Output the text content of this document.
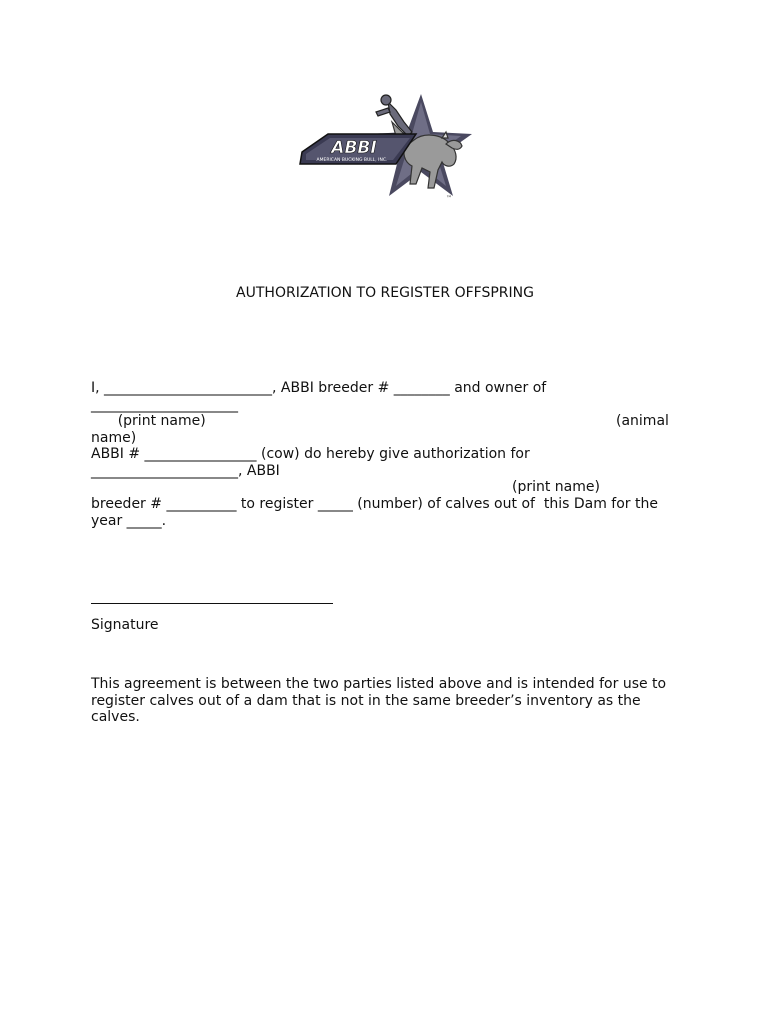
ABBI
AMERICAN BUCKING BULL, INC.
™
AUTHORIZATION TO REGISTER OFFSPRING
I, ________________________, ABBI breeder # ________ and owner of
_____________________
(print name)	(animal
name)
ABBI # ________________ (cow) do hereby give authorization for
_____________________, ABBI
(print name)
breeder # __________ to register _____ (number) of calves out of  this Dam for the
year _____.
Signature
This agreement is between the two parties listed above and is intended for use to
register calves out of a dam that is not in the same breeder’s inventory as the
calves.
